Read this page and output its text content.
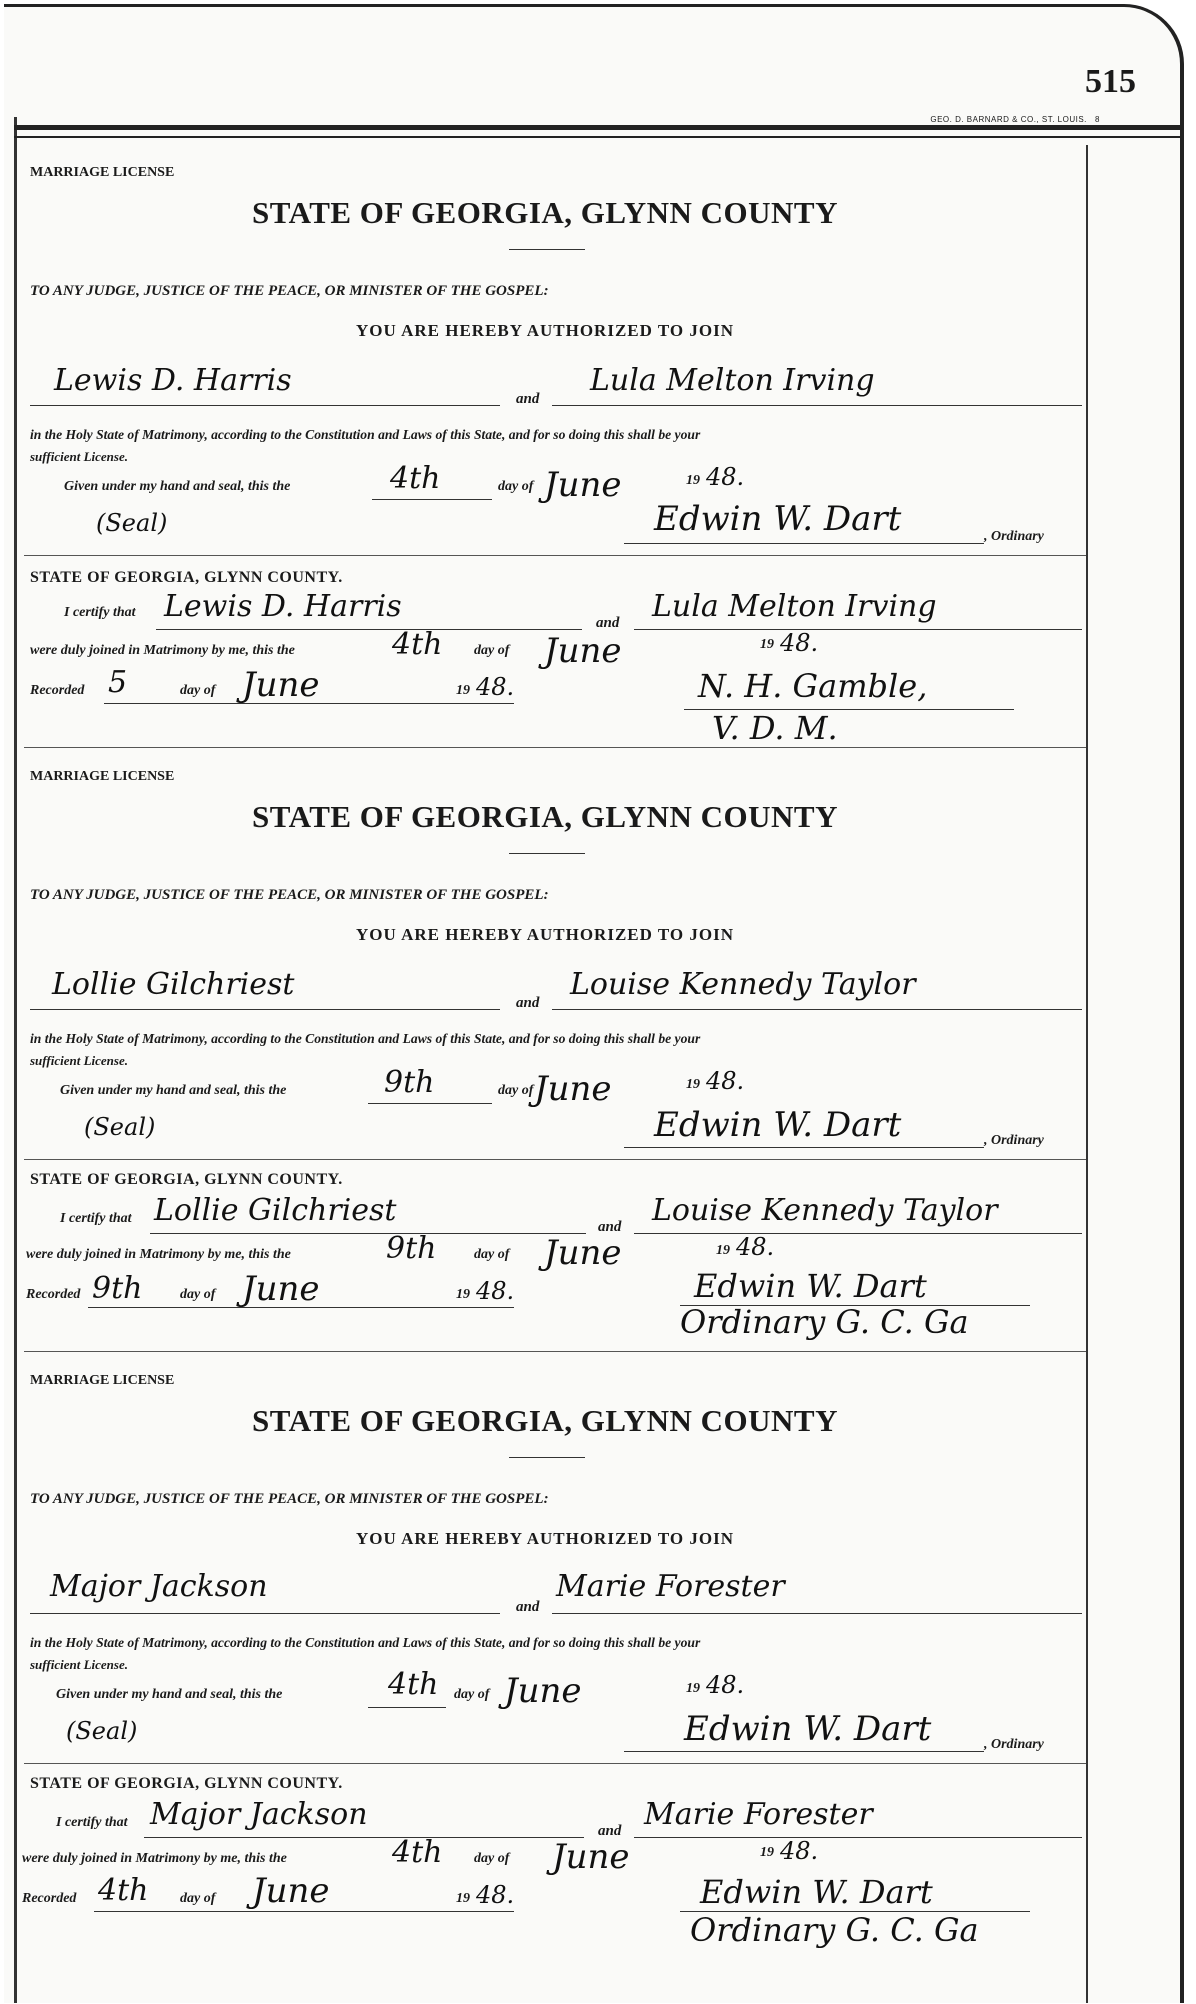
515
GEO. D. BARNARD & CO., ST. LOUIS. 8
MARRIAGE LICENSE
STATE OF GEORGIA, GLYNN COUNTY
TO ANY JUDGE, JUSTICE OF THE PEACE, OR MINISTER OF THE GOSPEL:
YOU ARE HEREBY AUTHORIZED TO JOIN
Lewis D. Harris
and
Lula Melton Irving
in the Holy State of Matrimony, according to the Constitution and Laws of this State, and for so doing this shall be your
sufficient License.
Given under my hand and seal, this the	4th	day of June	19 48.
(Seal)	Edwin W. Dart	, Ordinary
STATE OF GEORGIA, GLYNN COUNTY.
I certify that Lewis D. Harris	and Lula Melton Irving
were duly joined in Matrimony by me, this the	4th day of June	19 48.
Recorded 5	day of June	19 48.	N. H. Gamble,
V. D. M.
MARRIAGE LICENSE
STATE OF GEORGIA, GLYNN COUNTY
TO ANY JUDGE, JUSTICE OF THE PEACE, OR MINISTER OF THE GOSPEL:
YOU ARE HEREBY AUTHORIZED TO JOIN
Lollie Gilchriest
and
Louise Kennedy Taylor
in the Holy State of Matrimony, according to the Constitution and Laws of this State, and for so doing this shall be your
sufficient License.
Given under my hand and seal, this the	9th	day of June	19 48.
(Seal)	Edwin W. Dart	, Ordinary
STATE OF GEORGIA, GLYNN COUNTY.
I certify that Lollie Gilchriest	and Louise Kennedy Taylor
were duly joined in Matrimony by me, this the	9th	day of June	19 48.
Recorded 9th	day of June	19 48.	Edwin W. Dart
Ordinary G. C. Ga
MARRIAGE LICENSE
STATE OF GEORGIA, GLYNN COUNTY
TO ANY JUDGE, JUSTICE OF THE PEACE, OR MINISTER OF THE GOSPEL:
YOU ARE HEREBY AUTHORIZED TO JOIN
Major Jackson
and
Marie Forester
in the Holy State of Matrimony, according to the Constitution and Laws of this State, and for so doing this shall be your
sufficient License.
Given under my hand and seal, this the	4th day of June	19 48.
(Seal)	Edwin W. Dart	, Ordinary
STATE OF GEORGIA, GLYNN COUNTY.
I certify that Major Jackson	and Marie Forester
were duly joined in Matrimony by me, this the	4th day of June	19 48.
Recorded 4th day of June	19 48.	Edwin W. Dart
Ordinary G. C. Ga
